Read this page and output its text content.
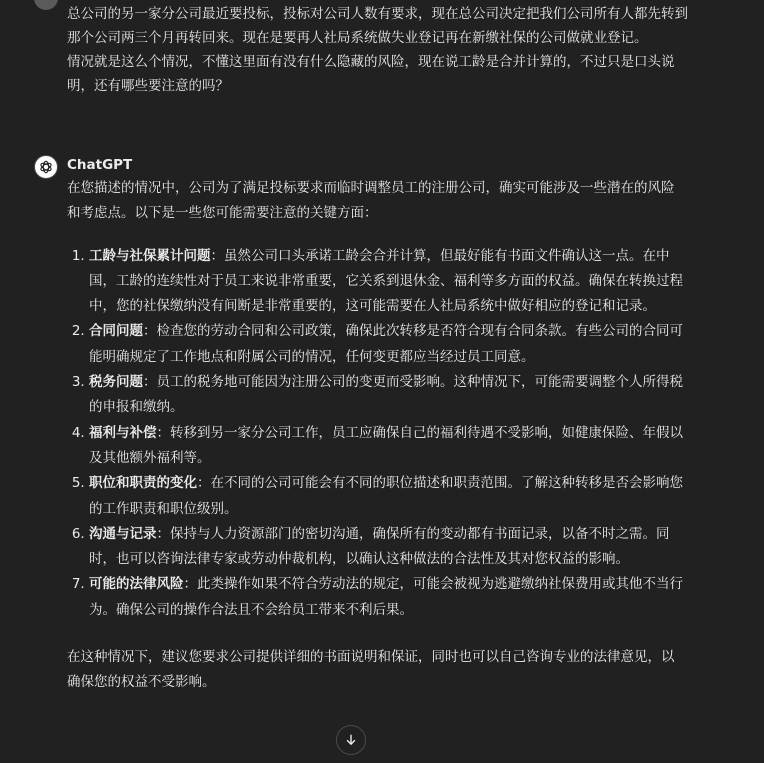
总公司的另一家分公司最近要投标，投标对公司人数有要求，现在总公司决定把我们公司所有人都先转到那个公司两三个月再转回来。现在是要再人社局系统做失业登记再在新缴社保的公司做就业登记。

情况就是这么个情况，不懂这里面有没有什么隐藏的风险，现在说工龄是合并计算的，不过只是口头说明，还有哪些要注意的吗？

ChatGPT

在您描述的情况中，公司为了满足投标要求而临时调整员工的注册公司，确实可能涉及一些潜在的风险和考虑点。以下是一些您可能需要注意的关键方面：

1. 工龄与社保累计问题：虽然公司口头承诺工龄会合并计算，但最好能有书面文件确认这一点。在中国，工龄的连续性对于员工来说非常重要，它关系到退休金、福利等多方面的权益。确保在转换过程中，您的社保缴纳没有间断是非常重要的，这可能需要在人社局系统中做好相应的登记和记录。
2. 合同问题：检查您的劳动合同和公司政策，确保此次转移是否符合现有合同条款。有些公司的合同可能明确规定了工作地点和附属公司的情况，任何变更都应当经过员工同意。
3. 税务问题：员工的税务地可能因为注册公司的变更而受影响。这种情况下，可能需要调整个人所得税的申报和缴纳。
4. 福利与补偿：转移到另一家分公司工作，员工应确保自己的福利待遇不受影响，如健康保险、年假以及其他额外福利等。
5. 职位和职责的变化：在不同的公司可能会有不同的职位描述和职责范围。了解这种转移是否会影响您的工作职责和职位级别。
6. 沟通与记录：保持与人力资源部门的密切沟通，确保所有的变动都有书面记录，以备不时之需。同时，也可以咨询法律专家或劳动仲裁机构，以确认这种做法的合法性及其对您权益的影响。
7. 可能的法律风险：此类操作如果不符合劳动法的规定，可能会被视为逃避缴纳社保费用或其他不当行为。确保公司的操作合法且不会给员工带来不利后果。

在这种情况下，建议您要求公司提供详细的书面说明和保证，同时也可以自己咨询专业的法律意见，以确保您的权益不受影响。
